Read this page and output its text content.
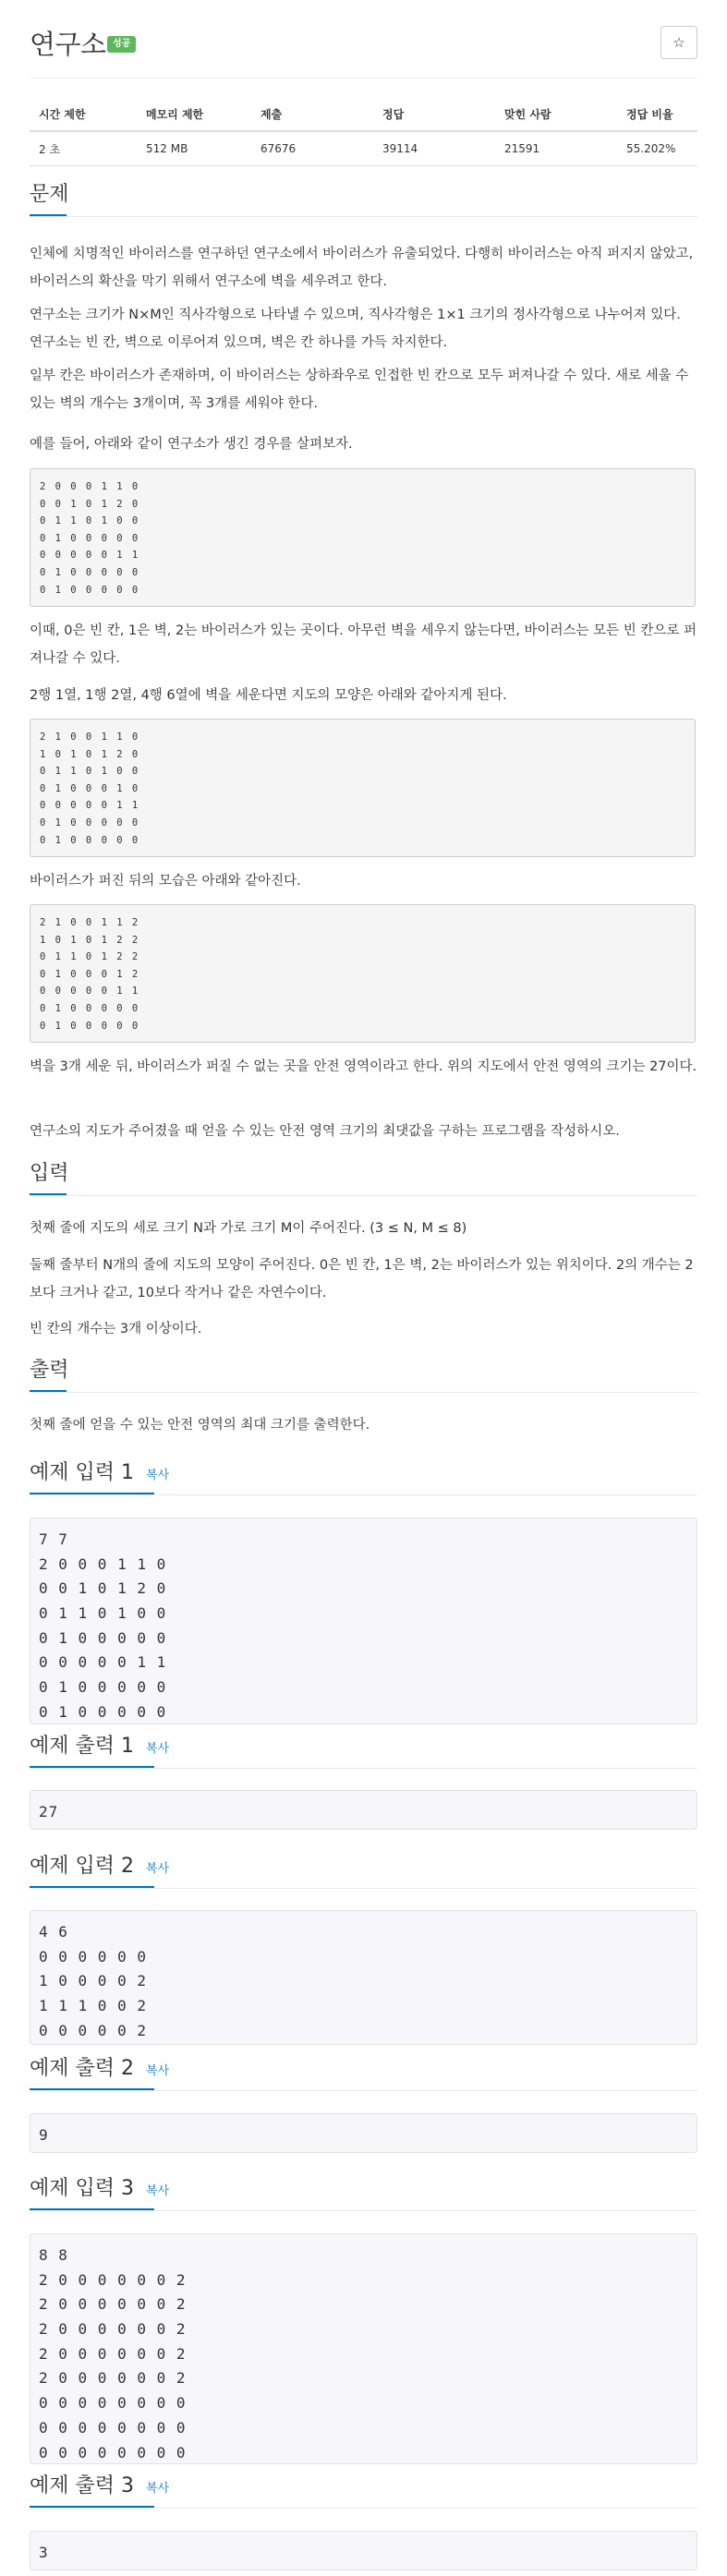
연구소 성공	☆
시간 제한	메모리 제한	제출	정답	맞힌 사람	정답 비율
2 초	512 MB	67676	39114	21591	55.202%
문제
인체에 치명적인 바이러스를 연구하던 연구소에서 바이러스가 유출되었다. 다행히 바이러스는 아직 퍼지지 않았고, 바이러스의 확산을 막기 위해서 연구소에 벽을 세우려고 한다.
연구소는 크기가 N×M인 직사각형으로 나타낼 수 있으며, 직사각형은 1×1 크기의 정사각형으로 나누어져 있다. 연구소는 빈 칸, 벽으로 이루어져 있으며, 벽은 칸 하나를 가득 차지한다.
일부 칸은 바이러스가 존재하며, 이 바이러스는 상하좌우로 인접한 빈 칸으로 모두 퍼져나갈 수 있다. 새로 세울 수 있는 벽의 개수는 3개이며, 꼭 3개를 세워야 한다.
예를 들어, 아래와 같이 연구소가 생긴 경우를 살펴보자.
2 0 0 0 1 1 0
0 0 1 0 1 2 0
0 1 1 0 1 0 0
0 1 0 0 0 0 0
0 0 0 0 0 1 1
0 1 0 0 0 0 0
0 1 0 0 0 0 0
이때, 0은 빈 칸, 1은 벽, 2는 바이러스가 있는 곳이다. 아무런 벽을 세우지 않는다면, 바이러스는 모든 빈 칸으로 퍼져나갈 수 있다.
2행 1열, 1행 2열, 4행 6열에 벽을 세운다면 지도의 모양은 아래와 같아지게 된다.
2 1 0 0 1 1 0
1 0 1 0 1 2 0
0 1 1 0 1 0 0
0 1 0 0 0 1 0
0 0 0 0 0 1 1
0 1 0 0 0 0 0
0 1 0 0 0 0 0
바이러스가 퍼진 뒤의 모습은 아래와 같아진다.
2 1 0 0 1 1 2
1 0 1 0 1 2 2
0 1 1 0 1 2 2
0 1 0 0 0 1 2
0 0 0 0 0 1 1
0 1 0 0 0 0 0
0 1 0 0 0 0 0
벽을 3개 세운 뒤, 바이러스가 퍼질 수 없는 곳을 안전 영역이라고 한다. 위의 지도에서 안전 영역의 크기는 27이다.
연구소의 지도가 주어졌을 때 얻을 수 있는 안전 영역 크기의 최댓값을 구하는 프로그램을 작성하시오.
입력
첫째 줄에 지도의 세로 크기 N과 가로 크기 M이 주어진다. (3 ≤ N, M ≤ 8)
둘째 줄부터 N개의 줄에 지도의 모양이 주어진다. 0은 빈 칸, 1은 벽, 2는 바이러스가 있는 위치이다. 2의 개수는 2보다 크거나 같고, 10보다 작거나 같은 자연수이다.
빈 칸의 개수는 3개 이상이다.
출력
첫째 줄에 얻을 수 있는 안전 영역의 최대 크기를 출력한다.
예제 입력 1 복사
7 7
2 0 0 0 1 1 0
0 0 1 0 1 2 0
0 1 1 0 1 0 0
0 1 0 0 0 0 0
0 0 0 0 0 1 1
0 1 0 0 0 0 0
0 1 0 0 0 0 0
예제 출력 1 복사
27
예제 입력 2 복사
4 6
0 0 0 0 0 0
1 0 0 0 0 2
1 1 1 0 0 2
0 0 0 0 0 2
예제 출력 2 복사
9
예제 입력 3 복사
8 8
2 0 0 0 0 0 0 2
2 0 0 0 0 0 0 2
2 0 0 0 0 0 0 2
2 0 0 0 0 0 0 2
2 0 0 0 0 0 0 2
0 0 0 0 0 0 0 0
0 0 0 0 0 0 0 0
0 0 0 0 0 0 0 0
예제 출력 3 복사
3
